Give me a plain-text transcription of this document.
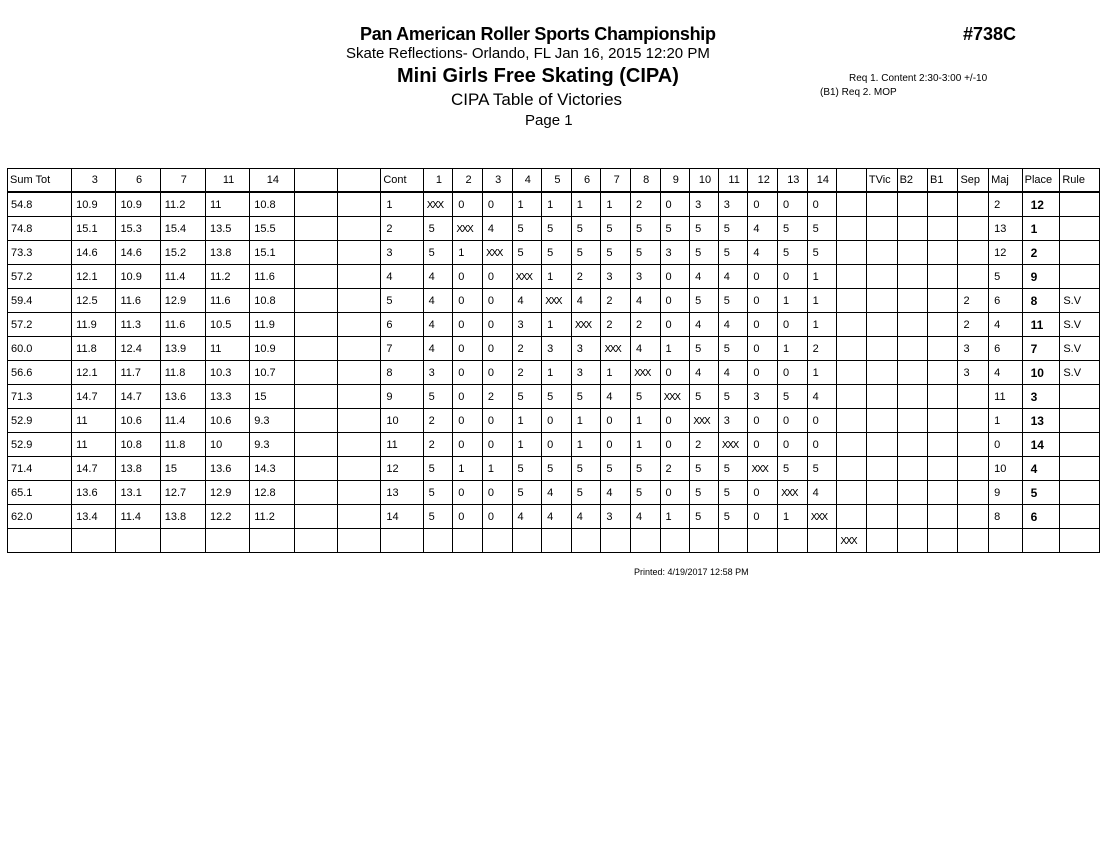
Pan American Roller Sports Championship	#738C
Skate Reflections- Orlando, FL Jan 16, 2015 12:20 PM
Mini Girls Free Skating (CIPA)
CIPA Table of Victories
Page 1
Req 1. Content 2:30-3:00 +/-10
(B1) Req 2. MOP
Sum Tot	3	6	7	11	14			Cont	1	2	3	4	5	6	7	8	9	10	11	12	13	14		TVic	B2	B1	Sep	Maj	Place	Rule
54.8	10.9	10.9	11.2	11	10.8			1	XXX	0	0	1	1	1	1	2	0	3	3	0	0	0						2	12	
74.8	15.1	15.3	15.4	13.5	15.5			2	5	XXX	4	5	5	5	5	5	5	5	5	4	5	5						13	1	
73.3	14.6	14.6	15.2	13.8	15.1			3	5	1	XXX	5	5	5	5	5	3	5	5	4	5	5						12	2	
57.2	12.1	10.9	11.4	11.2	11.6			4	4	0	0	XXX	1	2	3	3	0	4	4	0	0	1						5	9	
59.4	12.5	11.6	12.9	11.6	10.8			5	4	0	0	4	XXX	4	2	4	0	5	5	0	1	1					2	6	8	S.V
57.2	11.9	11.3	11.6	10.5	11.9			6	4	0	0	3	1	XXX	2	2	0	4	4	0	0	1					2	4	11	S.V
60.0	11.8	12.4	13.9	11	10.9			7	4	0	0	2	3	3	XXX	4	1	5	5	0	1	2					3	6	7	S.V
56.6	12.1	11.7	11.8	10.3	10.7			8	3	0	0	2	1	3	1	XXX	0	4	4	0	0	1					3	4	10	S.V
71.3	14.7	14.7	13.6	13.3	15			9	5	0	2	5	5	5	4	5	XXX	5	5	3	5	4						11	3	
52.9	11	10.6	11.4	10.6	9.3			10	2	0	0	1	0	1	0	1	0	XXX	3	0	0	0						1	13	
52.9	11	10.8	11.8	10	9.3			11	2	0	0	1	0	1	0	1	0	2	XXX	0	0	0						0	14	
71.4	14.7	13.8	15	13.6	14.3			12	5	1	1	5	5	5	5	5	2	5	5	XXX	5	5						10	4	
65.1	13.6	13.1	12.7	12.9	12.8			13	5	0	0	5	4	5	4	5	0	5	5	0	XXX	4						9	5	
62.0	13.4	11.4	13.8	12.2	11.2			14	5	0	0	4	4	4	3	4	1	5	5	0	1	XXX						8	6	
																							XXX							
Printed: 4/19/2017 12:58 PM
